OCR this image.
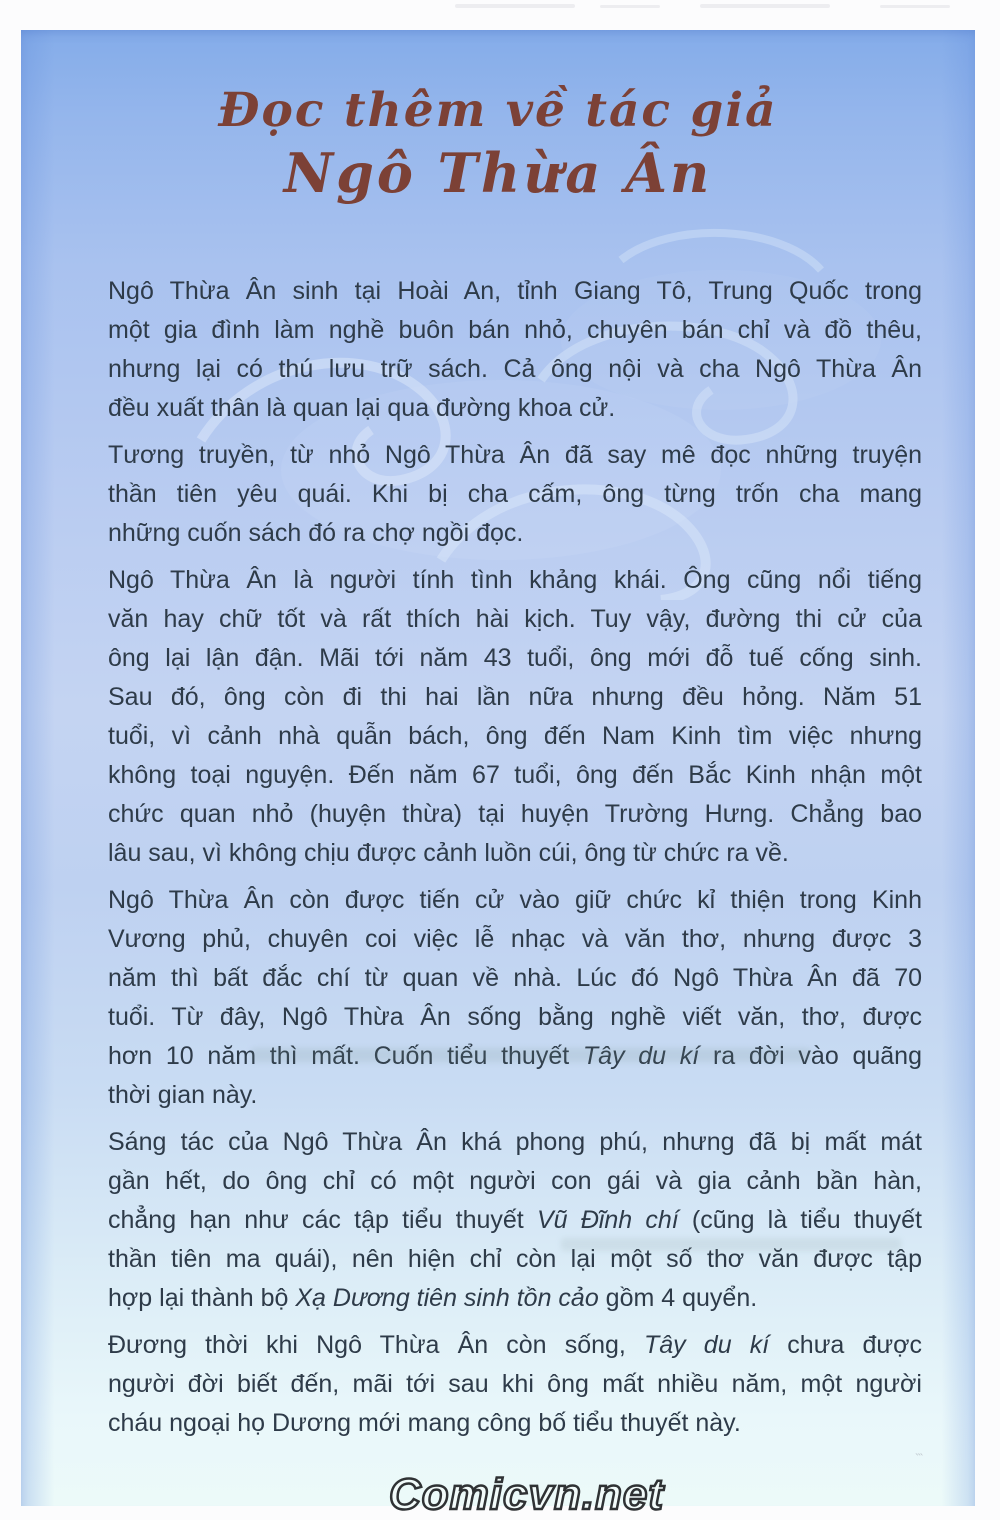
Đọc thêm về tác giả
Ngô Thừa Ân
Ngô Thừa Ân sinh tại Hoài An, tỉnh Giang Tô, Trung Quốc trong
một gia đình làm nghề buôn bán nhỏ, chuyên bán chỉ và đồ thêu,
nhưng lại có thú lưu trữ sách. Cả ông nội và cha Ngô Thừa Ân
đều xuất thân là quan lại qua đường khoa cử.
Tương truyền, từ nhỏ Ngô Thừa Ân đã say mê đọc những truyện
thần tiên yêu quái. Khi bị cha cấm, ông từng trốn cha mang
những cuốn sách đó ra chợ ngồi đọc.
Ngô Thừa Ân là người tính tình khảng khái. Ông cũng nổi tiếng
văn hay chữ tốt và rất thích hài kịch. Tuy vậy, đường thi cử của
ông lại lận đận. Mãi tới năm 43 tuổi, ông mới đỗ tuế cống sinh.
Sau đó, ông còn đi thi hai lần nữa nhưng đều hỏng. Năm 51
tuổi, vì cảnh nhà quẫn bách, ông đến Nam Kinh tìm việc nhưng
không toại nguyện. Đến năm 67 tuổi, ông đến Bắc Kinh nhận một
chức quan nhỏ (huyện thừa) tại huyện Trường Hưng. Chẳng bao
lâu sau, vì không chịu được cảnh luồn cúi, ông từ chức ra về.
Ngô Thừa Ân còn được tiến cử vào giữ chức kỉ thiện trong Kinh
Vương phủ, chuyên coi việc lễ nhạc và văn thơ, nhưng được 3
năm thì bất đắc chí từ quan về nhà. Lúc đó Ngô Thừa Ân đã 70
tuổi. Từ đây, Ngô Thừa Ân sống bằng nghề viết văn, thơ, được
hơn 10 năm thì mất. Cuốn tiểu thuyết Tây du kí ra đời vào quãng
thời gian này.
Sáng tác của Ngô Thừa Ân khá phong phú, nhưng đã bị mất mát
gần hết, do ông chỉ có một người con gái và gia cảnh bần hàn,
chẳng hạn như các tập tiểu thuyết Vũ Đĩnh chí (cũng là tiểu thuyết
thần tiên ma quái), nên hiện chỉ còn lại một số thơ văn được tập
hợp lại thành bộ Xạ Dương tiên sinh tồn cảo gồm 4 quyển.
Đương thời khi Ngô Thừa Ân còn sống, Tây du kí chưa được
người đời biết đến, mãi tới sau khi ông mất nhiều năm, một người
cháu ngoại họ Dương mới mang công bố tiểu thuyết này.
‷
Comicvn.net
